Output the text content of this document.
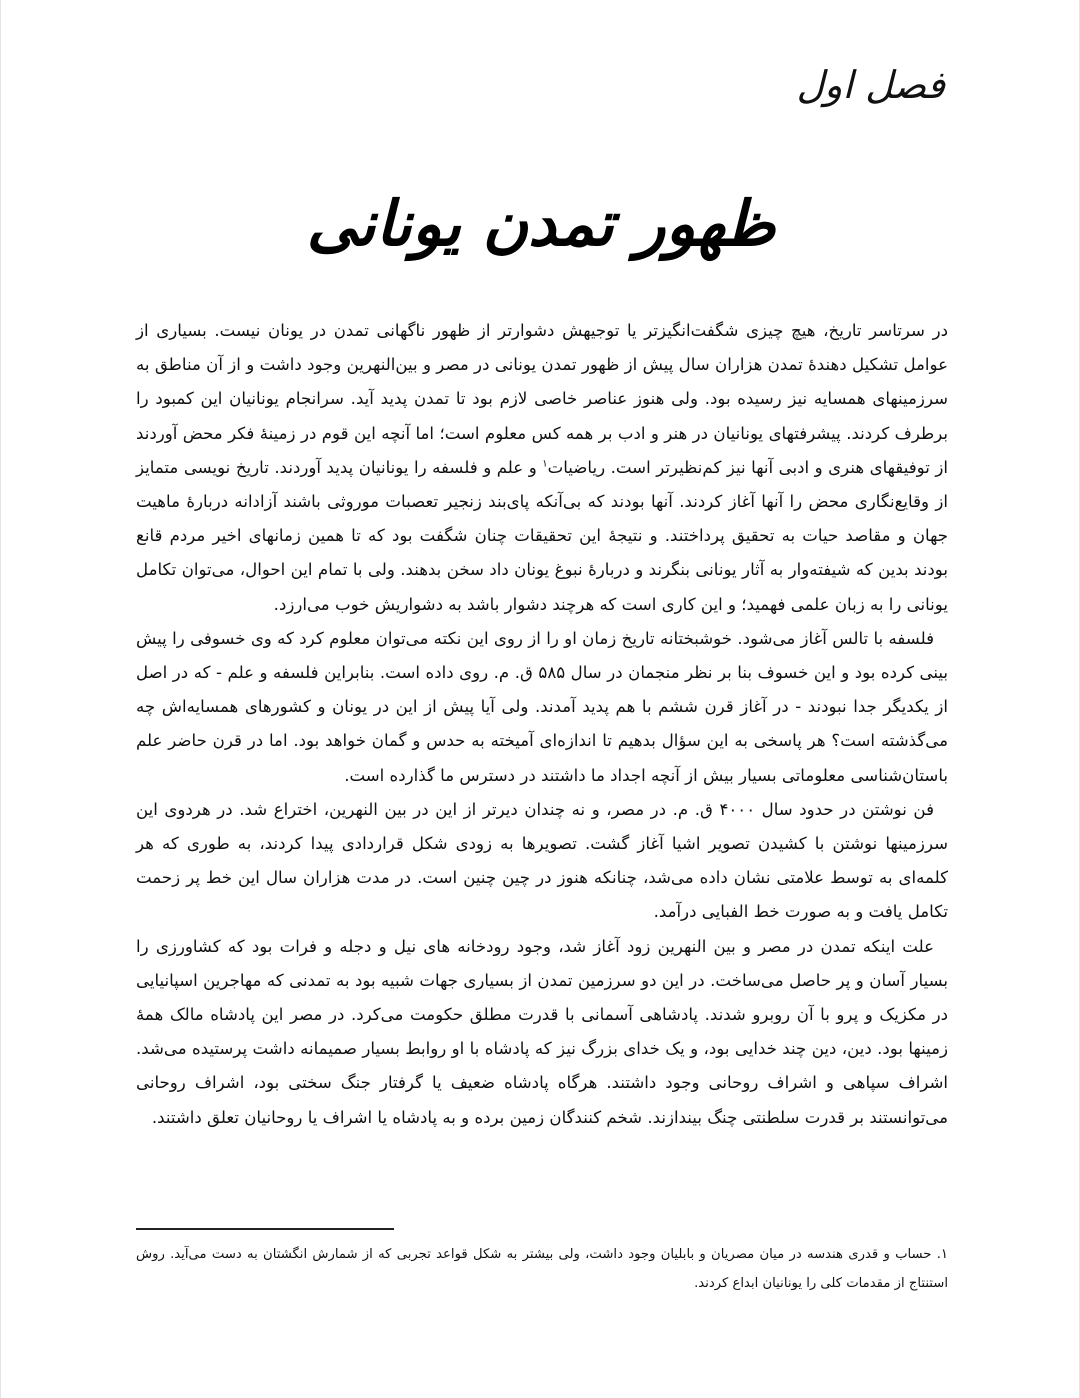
فصل اول
ظهور تمدن یونانی

در سرتاسر تاریخ، هیچ چیزی شگفت‌انگیزتر یا توجیهش دشوارتر از ظهور ناگهانی تمدن در یونان نیست. بسیاری از عوامل تشکیل دهندهٔ تمدن هزاران سال پیش از ظهور تمدن یونانی در مصر و بین‌النهرین وجود داشت و از آن مناطق به سرزمینهای همسایه نیز رسیده بود. ولی هنوز عناصر خاصی لازم بود تا تمدن پدید آید. سرانجام یونانیان این کمبود را برطرف کردند. پیشرفتهای یونانیان در هنر و ادب بر همه کس معلوم است؛ اما آنچه این قوم در زمینهٔ فکر محض آوردند از توفیقهای هنری و ادبی آنها نیز کم‌نظیرتر است. ریاضیات$^۱$ و علم و فلسفه را یونانیان پدید آوردند. تاریخ نویسی متمایز از وقایع‌نگاری محض را آنها آغاز کردند. آنها بودند که بی‌آنکه پای‌بند زنجیر تعصبات موروثی باشند آزادانه دربارهٔ ماهیت جهان و مقاصد حیات به تحقیق پرداختند. و نتیجهٔ این تحقیقات چنان شگفت بود که تا همین زمانهای اخیر مردم قانع بودند بدین که شیفته‌وار به آثار یونانی بنگرند و دربارهٔ نبوغ یونان داد سخن بدهند. ولی با تمام این احوال، می‌توان تکامل یونانی را به زبان علمی فهمید؛ و این کاری است که هرچند دشوار باشد به دشواریش خوب می‌ارزد.

فلسفه با تالس آغاز می‌شود. خوشبختانه تاریخ زمان او را از روی این نکته می‌توان معلوم کرد که وی خسوفی را پیش بینی کرده بود و این خسوف بنا بر نظر منجمان در سال ۵۸۵ ق. م. روی داده است. بنابراین فلسفه و علم - که در اصل از یکدیگر جدا نبودند - در آغاز قرن ششم با هم پدید آمدند. ولی آیا پیش از این در یونان و کشورهای همسایه‌اش چه می‌گذشته است؟ هر پاسخی به این سؤال بدهیم تا اندازه‌ای آمیخته به حدس و گمان خواهد بود. اما در قرن حاضر علم باستان‌شناسی معلوماتی بسیار بیش از آنچه اجداد ما داشتند در دسترس ما گذارده است.

فن نوشتن در حدود سال ۴۰۰۰ ق. م. در مصر، و نه چندان دیرتر از این در بین النهرین، اختراع شد. در هردوی این سرزمینها نوشتن با کشیدن تصویر اشیا آغاز گشت. تصویرها به زودی شکل قراردادی پیدا کردند، به طوری که هر کلمه‌ای به توسط علامتی نشان داده می‌شد، چنانکه هنوز در چین چنین است. در مدت هزاران سال این خط پر زحمت تکامل یافت و به صورت خط الفبایی درآمد.

علت اینکه تمدن در مصر و بین النهرین زود آغاز شد، وجود رودخانه های نیل و دجله و فرات بود که کشاورزی را بسیار آسان و پر حاصل می‌ساخت. در این دو سرزمین تمدن از بسیاری جهات شبیه بود به تمدنی که مهاجرین اسپانیایی در مکزیک و پرو با آن روبرو شدند. پادشاهی آسمانی با قدرت مطلق حکومت می‌کرد. در مصر این پادشاه مالک همهٔ زمینها بود. دین، دین چند خدایی بود، و یک خدای بزرگ نیز که پادشاه با او روابط بسیار صمیمانه داشت پرستیده می‌شد. اشراف سپاهی و اشراف روحانی وجود داشتند. هرگاه پادشاه ضعیف یا گرفتار جنگ سختی بود، اشراف روحانی می‌توانستند بر قدرت سلطنتی چنگ بیندازند. شخم کنندگان زمین برده و به پادشاه یا اشراف یا روحانیان تعلق داشتند.

۱. حساب و قدری هندسه در میان مصریان و بابلیان وجود داشت، ولی بیشتر به شکل قواعد تجربی که از شمارش انگشتان به دست می‌آید. روش استنتاج از مقدمات کلی را یونانیان ابداع کردند.
